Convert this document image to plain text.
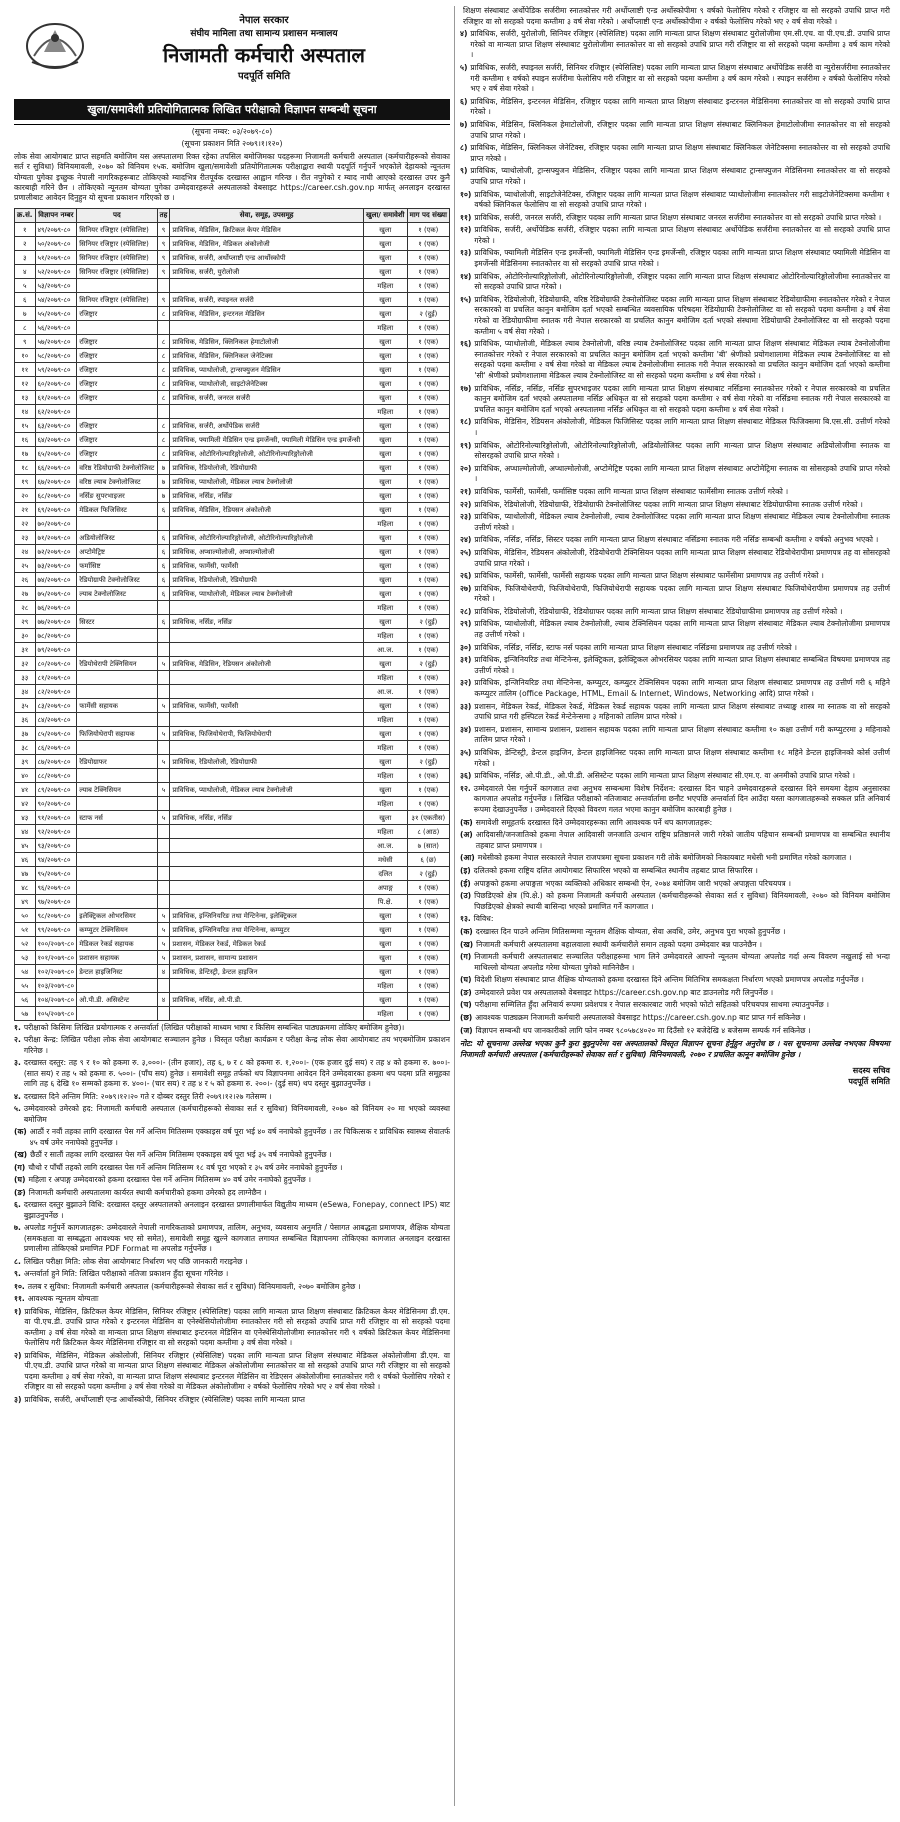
नेपाल सरकार
संघीय मामिला तथा सामान्य प्रशासन मन्त्रालय
निजामती कर्मचारी अस्पताल
पदपूर्ति समिति
खुला/समावेशी प्रतियोगितात्मक लिखित परीक्षाको विज्ञापन सम्बन्धी सूचना
(सूचना नम्बर: ०३/२०७९-८०)
(सूचना प्रकाशन मिति २०७९।१।१२०)
लोक सेवा आयोगबाट प्राप्त सहमति बमोजिम यस अस्पतालमा रिक्त रहेका तपसिल बमोजिमका पदहरूमा निजामती कर्मचारी अस्पताल (कर्मचारीहरूको सेवाका सर्त र सुविधा) विनियमावली, २०७० को विनियम १५क. बमोजिम खुला/समावेशी प्रतियोगितात्मक परीक्षाद्वारा स्थायी पदपूर्ति गर्नुपर्ने भएकोले देहायको न्यूनतम योग्यता पुगेका इच्छुक नेपाली नागरिकहरूबाट तोकिएको म्यादभित्र रीतपूर्वक दरखास्त आह्वान गरिन्छ । रीत नपुगेको र म्याद नाघी आएको दरखास्त उपर कुनै कारबाही गरिने छैन । तोकिएको न्यूनतम योग्यता पुगेका उम्मेदवारहरूले अस्पतालको वेबसाइट https://career.csh.gov.np मार्फत् अनलाइन दरखास्त प्रणालीबाट आवेदन दिनुहुन यो सूचना प्रकाशन गरिएको छ ।
क्र.सं.	विज्ञापन नम्बर	पद	तह	सेवा, समूह, उपसमूह	खुला/ समावेशी	माग पद संख्या
१	४९/२०७९-८०	सिनियर रजिष्ट्रार (स्पेसिलिष्ट)	९	प्राविधिक, मेडिसिन, क्रिटिकल केयर मेडिसिन	खुला	१ (एक)
२	५०/२०७९-८०	सिनियर रजिष्ट्रार (स्पेसिलिष्ट)	९	प्राविधिक, मेडिसिन, मेडिकल अंकोलोजी	खुला	१ (एक)
३	५१/२०७९-८०	सिनियर रजिष्ट्रार (स्पेसिलिष्ट)	९	प्राविधिक, सर्जरी, अर्थोप्लाष्टी एन्ड आर्थोस्कोपी	खुला	१ (एक)
४	५२/२०७९-८०	सिनियर रजिष्ट्रार (स्पेसिलिष्ट)	९	प्राविधिक, सर्जरी, युरोलोजी	खुला	१ (एक)
५	५३/२०७९-८०				महिला	१ (एक)
६	५४/२०७९-८०	सिनियर रजिष्ट्रार (स्पेसिलिष्ट)	९	प्राविधिक, सर्जरी, स्पाइनल सर्जरी	खुला	१ (एक)
७	५५/२०७९-८०	रजिष्ट्रार	८	प्राविधिक, मेडिसिन, इन्टरनल मेडिसिन	खुला	२ (दुई)
८	५६/२०७९-८०				महिला	१ (एक)
९	५७/२०७९-८०	रजिष्ट्रार	८	प्राविधिक, मेडिसिन, क्लिनिकल हेमाटोलोजी	खुला	१ (एक)
१०	५८/२०७९-८०	रजिष्ट्रार	८	प्राविधिक, मेडिसिन, क्लिनिकल जेनेटिक्स	खुला	१ (एक)
११	५९/२०७९-८०	रजिष्ट्रार	८	प्राविधिक, प्याथोलोजी, ट्रान्सफ्युजन मेडिसिन	खुला	१ (एक)
१२	६०/२०७९-८०	रजिष्ट्रार	८	प्राविधिक, प्याथोलोजी, साइटोजेनेटिक्स	खुला	१ (एक)
१३	६१/२०७९-८०	रजिष्ट्रार	८	प्राविधिक, सर्जरी, जनरल सर्जरी	खुला	१ (एक)
१४	६२/२०७९-८०				महिला	१ (एक)
१५	६३/२०७९-८०	रजिष्ट्रार	८	प्राविधिक, सर्जरी, अर्थोपेडिक सर्जरी	खुला	१ (एक)
१६	६४/२०७९-८०	रजिष्ट्रार	८	प्राविधिक, फ्यामिली मेडिसिन एन्ड इमर्जेन्सी, फ्यामिली मेडिसिन एन्ड इमर्जेन्सी	खुला	१ (एक)
१७	६५/२०७९-८०	रजिष्ट्रार	८	प्राविधिक, ओटोरिनोल्यारिङ्गोलोजी, ओटोरिनोल्यारिङ्गोलोजी	खुला	१ (एक)
१८	६६/२०७९-८०	वरिष्ठ रेडियोग्राफी टेक्नोलोजिस्ट	७	प्राविधिक, रेडियोलोजी, रेडियोग्राफी	खुला	१ (एक)
१९	६७/२०७९-८०	वरिष्ठ ल्याब टेक्नोलोजिस्ट	७	प्राविधिक, प्याथोलोजी, मेडिकल ल्याब टेक्नोलोजी	खुला	१ (एक)
२०	६८/२०७९-८०	नर्सिङ सुपरभाइजर	७	प्राविधिक, नर्सिङ, नर्सिङ	खुला	१ (एक)
२१	६९/२०७९-८०	मेडिकल फिजिसिस्ट	६	प्राविधिक, मेडिसिन, रेडियसन अंकोलोजी	खुला	१ (एक)
२२	७०/२०७९-८०				महिला	१ (एक)
२३	७१/२०७९-८०	अडियोलोजिस्ट	६	प्राविधिक, ओटोरिनोल्यारिङ्गोलोजी, ओटोरिनोल्यारिङ्गोलोजी	खुला	१ (एक)
२४	७२/२०७९-८०	अप्टोमेट्रिष्ट	६	प्राविधिक, अप्थाल्मोलोजी, अप्थाल्मोलोजी	खुला	१ (एक)
२५	७३/२०७९-८०	फर्मासिष्ट	६	प्राविधिक, फार्मेसी, फार्मेसी	खुला	१ (एक)
२६	७४/२०७९-८०	रेडियोग्राफी टेक्नोलोजिस्ट	६	प्राविधिक, रेडियोलोजी, रेडियोग्राफी	खुला	१ (एक)
२७	७५/२०७९-८०	ल्याब टेक्नोलोजिस्ट	६	प्राविधिक, प्याथोलोजी, मेडिकल ल्याब टेक्नोलोजी	खुला	१ (एक)
२८	७६/२०७९-८०				महिला	१ (एक)
२९	७७/२०७९-८०	सिस्टर	६	प्राविधिक, नर्सिङ, नर्सिङ	खुला	२ (दुई)
३०	७८/२०७९-८०				महिला	१ (एक)
३१	७९/२०७९-८०				आ.ज.	१ (एक)
३२	८०/२०७९-८०	रेडियोथेरापी टेक्निसियन	५	प्राविधिक, मेडिसिन, रेडियसन अंकोलोजी	खुला	२ (दुई)
३३	८१/२०७९-८०				महिला	१ (एक)
३४	८२/२०७९-८०				आ.ज.	१ (एक)
३५	८३/२०७९-८०	फार्मेसी सहायक	५	प्राविधिक, फार्मेसी, फार्मेसी	खुला	१ (एक)
३६	८४/२०७९-८०				महिला	१ (एक)
३७	८५/२०७९-८०	फिजियोथेरापी सहायक	५	प्राविधिक, फिजियोथेरापी, फिजियोथेरापी	खुला	१ (एक)
३८	८६/२०७९-८०				महिला	१ (एक)
३९	८७/२०७९-८०	रेडियोग्राफर	५	प्राविधिक, रेडियोलोजी, रेडियोग्राफी	खुला	२ (दुई)
४०	८८/२०७९-८०				महिला	१ (एक)
४१	८९/२०७९-८०	ल्याब टेक्निसियन	५	प्राविधिक, प्याथोलोजी, मेडिकल ल्याब टेक्नोलोजी	खुला	१ (एक)
४२	९०/२०७९-८०				महिला	१ (एक)
४३	९१/२०७९-८०	स्टाफ नर्स	५	प्राविधिक, नर्सिङ, नर्सिङ	खुला	३१ (एकतीस)
४४	९२/२०७९-८०				महिला	८ (आठ)
४५	९३/२०७९-८०				आ.ज.	७ (सात)
४६	९४/२०७९-८०				मधेसी	६ (छ)
४७	९५/२०७९-८०				दलित	२ (दुई)
४८	९६/२०७९-८०				अपाङ्ग	१ (एक)
४९	९७/२०७९-८०				पि.क्षे.	१ (एक)
५०	९८/२०७९-८०	इलेक्ट्रिकल ओभरसियर	५	प्राविधिक, इन्जिनियरिङ तथा मेन्टिनेन्स, इलेक्ट्रिकल	खुला	१ (एक)
५१	९९/२०७९-८०	कम्प्युटर टेक्निसियन	५	प्राविधिक, इन्जिनियरिङ तथा मेन्टिनेन्स, कम्प्युटर	खुला	१ (एक)
५२	१००/२०७९-८०	मेडिकल रेकर्ड सहायक	५	प्रशासन, मेडिकल रेकर्ड, मेडिकल रेकर्ड	खुला	१ (एक)
५३	१०१/२०७९-८०	प्रशासन सहायक	५	प्रशासन, प्रशासन, सामान्य प्रशासन	खुला	१ (एक)
५४	१०२/२०७९-८०	डेन्टल हाइजिनिस्ट	४	प्राविधिक, डेन्टिस्ट्री, डेन्टल हाइजिन	खुला	१ (एक)
५५	१०३/२०७९-८०				महिला	१ (एक)
५६	१०४/२०७९-८०	ओ.पी.डी. असिस्टेन्ट	४	प्राविधिक, नर्सिङ, ओ.पी.डी.	खुला	१ (एक)
५७	१०५/२०७९-८०				महिला	१ (एक)
१. परीक्षाको किसिमः लिखित प्रयोगात्मक र अन्तर्वार्ता (लिखित परीक्षाको माध्यम भाषा र किसिम सम्बन्धित पाठ्यक्रममा तोकिए बमोजिम हुनेछ)।
२. परीक्षा केन्द्र: लिखित परीक्षा लोक सेवा आयोगबाट सञ्चालन हुनेछ । विस्तृत परीक्षा कार्यक्रम र परीक्षा केन्द्र लोक सेवा आयोगबाट तय भएबमोजिम प्रकाशन गरिनेछ ।
३. दरखास्त दस्तुर: तह ९ र १० को हकमा रु. ३,०००।- (तीन हजार), तह ६, ७ र ८ को हकमा रु. १,२००।- (एक हजार दुई सय) र तह ४ को हकमा रु. ७००।- (सात सय) र तह ५ को हकमा रु. ५००।- (पाँच सय) हुनेछ । समावेशी समूह तर्फको थप विज्ञापनमा आवेदन दिने उम्मेदवारका हकमा थप पदमा प्रति समूहका लागि तह ६ देखि १० सम्मको हकमा रु. ४००।- (चार सय) र तह ४ र ५ को हकमा रु. २००।- (दुई सय) थप दस्तुर बुझाउनुपर्नेछ ।
४. दरखास्त दिने अन्तिम मिति: २०७९।१२।२० गते र दोब्बर दस्तुर तिरी २०७९।१२।२७ गतेसम्म ।
५. उम्मेदवारको उमेरको हद: निजामती कर्मचारी अस्पताल (कर्मचारीहरूको सेवाका सर्त र सुविधा) विनियमावली, २०७० को विनियम २० मा भएको व्यवस्था बमोजिम
(क) आठौं र नवौं तहका लागि दरखास्त पेस गर्ने अन्तिम मितिसम्म एक्काइस वर्ष पूरा भई ४० वर्ष ननाघेको हुनुपर्नेछ । तर चिकित्सक र प्राविधिक स्वास्थ्य सेवातर्फ ४५ वर्ष उमेर ननाघेको हुनुपर्नेछ ।
(ख) छैठौं र सातौं तहका लागि दरखास्त पेस गर्ने अन्तिम मितिसम्म एक्काइस वर्ष पूरा भई ३५ वर्ष ननाघेको हुनुपर्नेछ ।
(ग) चौथो र पाँचौं तहको लागि दरखास्त पेस गर्ने अन्तिम मितिसम्म १८ वर्ष पूरा भएको र ३५ वर्ष उमेर ननाघेको हुनुपर्नेछ ।
(घ) महिला र अपाङ्ग उम्मेदवारको हकमा दरखास्त पेस गर्ने अन्तिम मितिसम्म ४० वर्ष उमेर ननाघेको हुनुपर्नेछ ।
(ङ) निजामती कर्मचारी अस्पतालमा कार्यरत स्थायी कर्मचारीको हकमा उमेरको हद लाग्नेछैन ।
६. दरखास्त दस्तुर बुझाउने विधि: दरखास्त दस्तुर अस्पतालको अनलाइन दरखास्त प्रणालीमार्फत विद्युतीय माध्यम (eSewa, Fonepay, connect IPS) बाट बुझाउनुपर्नेछ ।
७. अपलोड गर्नुपर्ने कागजातहरू: उम्मेदवारले नेपाली नागरिकताको प्रमाणपत्र, तालिम, अनुभव, व्यवसाय अनुमति / पेसागत आबद्धता प्रमाणपत्र, शैक्षिक योग्यता (समकक्षता वा सम्बद्धता आवश्यक भए सो समेत), समावेशी समूह खुल्ने कागजात लगायत सम्बन्धित विज्ञापनमा तोकिएका कागजात अनलाइन दरखास्त प्रणालीमा तोकिएको प्रमाणित PDF Format मा अपलोड गर्नुपर्नेछ ।
८. लिखित परीक्षा मिति: लोक सेवा आयोगबाट निर्धारण भए पछि जानकारी गराइनेछ ।
९. अन्तर्वार्ता हुने मिति: लिखित परीक्षाको नतिजा प्रकाशन हुँदा सूचना गरिनेछ ।
१०. तलब र सुविधा: निजामती कर्मचारी अस्पताल (कर्मचारीहरूको सेवाका सर्त र सुविधा) विनियमावली, २०७० बमोजिम हुनेछ ।
११. आवश्यक न्यूनतम योग्यताः
१) प्राविधिक, मेडिसिन, क्रिटिकल केयर मेडिसिन, सिनियर रजिष्ट्रार (स्पेसिलिष्ट) पदका लागि मान्यता प्राप्त शिक्षण संस्थाबाट क्रिटिकल केयर मेडिसिनमा डी.एम. वा पी.एच.डी. उपाधि प्राप्त गरेको र इन्टरनल मेडिसिन वा एनेस्थेसियोलोजीमा स्नातकोत्तर गरी सो सरहको उपाधि प्राप्त गरी रजिष्ट्रार वा सो सरहको पदमा कम्तीमा ३ वर्ष सेवा गरेको वा मान्यता प्राप्त शिक्षण संस्थाबाट इन्टरनल मेडिसिन वा एनेस्थेसियोलोजीमा स्नातकोत्तर गरी ९ वर्षको क्रिटिकल केयर मेडिसिनमा फेलोसिप गरी क्रिटिकल केयर मेडिसिनमा रजिष्ट्रार वा सो सरहको पदमा कम्तीमा ३ वर्ष सेवा गरेको ।
२) प्राविधिक, मेडिसिन, मेडिकल अंकोलोजी, सिनियर रजिष्ट्रार (स्पेसिलिष्ट) पदका लागि मान्यता प्राप्त शिक्षण संस्थाबाट मेडिकल अंकोलोजीमा डी.एम. वा पी.एच.डी. उपाधि प्राप्त गरेको वा मान्यता प्राप्त शिक्षण संस्थाबाट मेडिकल अंकोलोजीमा स्नातकोत्तर वा सो सरहको उपाधि प्राप्त गरी रजिष्ट्रार वा सो सरहको पदमा कम्तीमा ३ वर्ष सेवा गरेको, वा मान्यता प्राप्त शिक्षण संस्थाबाट इन्टरनल मेडिसिन वा रेडिएसन अंकोलोजीमा स्नातकोत्तर गरी १ वर्षको फेलोसिप गरेको र रजिष्ट्रार वा सो सरहको पदमा कम्तीमा ३ वर्ष सेवा गरेको वा मेडिकल अंकोलोजीमा २ वर्षको फेलोसिप गरेको भए २ वर्ष सेवा गरेको ।
३) प्राविधिक, सर्जरी, अर्थोप्लाष्टी एन्ड आर्थोस्कोपी, सिनियर रजिष्ट्रार (स्पेसिलिष्ट) पदका लागि मान्यता प्राप्त
शिक्षण संस्थाबाट अर्थोपेडिक सर्जरीमा स्नातकोत्तर गरी अर्थोप्लाष्टी एन्ड अर्थोस्कोपीमा ९ वर्षको फेलोसिप गरेको र रजिष्ट्रार वा सो सरहको उपाधि प्राप्त गरी रजिष्ट्रार वा सो सरहको पदमा कम्तीमा ३ वर्ष सेवा गरेको । अर्थोप्लाष्टी एन्ड अर्थोस्कोपीमा २ वर्षको फेलोसिप गरेको भए २ वर्ष सेवा गरेको ।
४) प्राविधिक, सर्जरी, युरोलोजी, सिनियर रजिष्ट्रार (स्पेसिलिष्ट) पदका लागि मान्यता प्राप्त शिक्षण संस्थाबाट युरोलोजीमा एम.सी.एच. वा पी.एच.डी. उपाधि प्राप्त गरेको वा मान्यता प्राप्त शिक्षण संस्थाबाट युरोलोजीमा स्नातकोत्तर वा सो सरहको उपाधि प्राप्त गरी रजिष्ट्रार वा सो सरहको पदमा कम्तीमा ३ वर्ष काम गरेको ।
५) प्राविधिक, सर्जरी, स्पाइनल सर्जरी, सिनियर रजिष्ट्रार (स्पेसिलिष्ट) पदका लागि मान्यता प्राप्त शिक्षण संस्थाबाट अर्थोपेडिक सर्जरी वा न्युरोसर्जरीमा स्नातकोत्तर गरी कम्तीमा १ वर्षको स्पाइन सर्जरीमा फेलोसिप गरी रजिष्ट्रार वा सो सरहको पदमा कम्तीमा ३ वर्ष काम गरेको । स्पाइन सर्जरीमा २ वर्षको फेलोसिप गरेको भए २ वर्ष सेवा गरेको ।
६) प्राविधिक, मेडिसिन, इन्टरनल मेडिसिन, रजिष्ट्रार पदका लागि मान्यता प्राप्त शिक्षण संस्थाबाट इन्टरनल मेडिसिनमा स्नातकोत्तर वा सो सरहको उपाधि प्राप्त गरेको ।
७) प्राविधिक, मेडिसिन, क्लिनिकल हेमाटोलोजी, रजिष्ट्रार पदका लागि मान्यता प्राप्त शिक्षण संस्थाबाट क्लिनिकल हेमाटोलोजीमा स्नातकोत्तर वा सो सरहको उपाधि प्राप्त गरेको ।
८) प्राविधिक, मेडिसिन, क्लिनिकल जेनेटिक्स, रजिष्ट्रार पदका लागि मान्यता प्राप्त शिक्षण संस्थाबाट क्लिनिकल जेनेटिक्समा स्नातकोत्तर वा सो सरहको उपाधि प्राप्त गरेको ।
९) प्राविधिक, प्याथोलोजी, ट्रान्सफ्युजन मेडिसिन, रजिष्ट्रार पदका लागि मान्यता प्राप्त शिक्षण संस्थाबाट ट्रान्सफ्युजन मेडिसिनमा स्नातकोत्तर वा सो सरहको उपाधि प्राप्त गरेको ।
१०) प्राविधिक, प्याथोलोजी, साइटोजेनेटिक्स, रजिष्ट्रार पदका लागि मान्यता प्राप्त शिक्षण संस्थाबाट प्याथोलोजीमा स्नातकोत्तर गरी साइटोजेनेटिक्समा कम्तीमा १ वर्षको क्लिनिकल फेलोसिप वा सो सरहको उपाधि प्राप्त गरेको ।
११) प्राविधिक, सर्जरी, जनरल सर्जरी, रजिष्ट्रार पदका लागि मान्यता प्राप्त शिक्षण संस्थाबाट जनरल सर्जरीमा स्नातकोत्तर वा सो सरहको उपाधि प्राप्त गरेको ।
१२) प्राविधिक, सर्जरी, अर्थोपेडिक सर्जरी, रजिष्ट्रार पदका लागि मान्यता प्राप्त शिक्षण संस्थाबाट अर्थोपेडिक सर्जरीमा स्नातकोत्तर वा सो सरहको उपाधि प्राप्त गरेको ।
१३) प्राविधिक, फ्यामिली मेडिसिन एन्ड इमर्जेन्सी, फ्यामिली मेडिसिन एन्ड इमर्जेन्सी, रजिष्ट्रार पदका लागि मान्यता प्राप्त शिक्षण संस्थाबाट फ्यामिली मेडिसिन वा इमर्जेन्सी मेडिसिनमा स्नातकोत्तर वा सो सरहको उपाधि प्राप्त गरेको ।
१४) प्राविधिक, ओटोरिनोल्यारिङ्गोलोजी, ओटोरिनोल्यारिङ्गोलोजी, रजिष्ट्रार पदका लागि मान्यता प्राप्त शिक्षण संस्थाबाट ओटोरिनोल्यारिङ्गोलोजीमा स्नातकोत्तर वा सो सरहको उपाधि प्राप्त गरेको ।
१५) प्राविधिक, रेडियोलोजी, रेडियोग्राफी, वरिष्ठ रेडियोग्राफी टेक्नोलोजिस्ट पदका लागि मान्यता प्राप्त शिक्षण संस्थाबाट रेडियोग्राफीमा स्नातकोत्तर गरेको र नेपाल सरकारको वा प्रचलित कानुन बमोजिम दर्ता भएको सम्बन्धित व्यवसायिक परिषदमा रेडियोग्राफी टेक्नोलोजिस्ट वा सो सरहको पदमा कम्तीमा ३ वर्ष सेवा गरेको वा रेडियोग्राफीमा स्नातक गरी नेपाल सरकारको वा प्रचलित कानुन बमोजिम दर्ता भएको संस्थामा रेडियोग्राफी टेक्नोलोजिस्ट वा सो सरहको पदमा कम्तीमा ५ वर्ष सेवा गरेको ।
१६) प्राविधिक, प्याथोलोजी, मेडिकल ल्याब टेक्नोलोजी, वरिष्ठ ल्याब टेक्नोलोजिस्ट पदका लागि मान्यता प्राप्त शिक्षण संस्थाबाट मेडिकल ल्याब टेक्नोलोजीमा स्नातकोत्तर गरेको र नेपाल सरकारको वा प्रचलित कानुन बमोजिम दर्ता भएको कम्तीमा 'बी' श्रेणीको प्रयोगशालामा मेडिकल ल्याब टेक्नोलोजिस्ट वा सो सरहको पदमा कम्तीमा २ वर्ष सेवा गरेको वा मेडिकल ल्याब टेक्नोलोजीमा स्नातक गरी नेपाल सरकारको वा प्रचलित कानुन बमोजिम दर्ता भएको कम्तीमा 'सी' श्रेणीको प्रयोगशालामा मेडिकल ल्याब टेक्नोलोजिस्ट वा सो सरहको पदमा कम्तीमा ४ वर्ष सेवा गरेको ।
१७) प्राविधिक, नर्सिङ, नर्सिङ, नर्सिङ सुपरभाइजर पदका लागि मान्यता प्राप्त शिक्षण संस्थाबाट नर्सिङमा स्नातकोत्तर गरेको र नेपाल सरकारको वा प्रचलित कानुन बमोजिम दर्ता भएको अस्पतालमा नर्सिङ अधिकृत वा सो सरहको पदमा कम्तीमा २ वर्ष सेवा गरेको वा नर्सिङमा स्नातक गरी नेपाल सरकारको वा प्रचलित कानुन बमोजिम दर्ता भएको अस्पतालमा नर्सिङ अधिकृत वा सो सरहको पदमा कम्तीमा ४ वर्ष सेवा गरेको ।
१८) प्राविधिक, मेडिसिन, रेडियसन अंकोलोजी, मेडिकल फिजिसिस्ट पदका लागि मान्यता प्राप्त शिक्षण संस्थाबाट मेडिकल फिजिक्समा बि.एस.सी. उत्तीर्ण गरेको ।
१९) प्राविधिक, ओटोरिनोल्यारिङ्गोलोजी, ओटोरिनोल्यारिङ्गोलोजी, अडियोलोजिस्ट पदका लागि मान्यता प्राप्त शिक्षण संस्थाबाट अडियोलोजीमा स्नातक वा सोसरहको उपाधि प्राप्त गरेको ।
२०) प्राविधिक, अप्थाल्मोलोजी, अप्थाल्मोलोजी, अप्टोमेट्रिष्ट पदका लागि मान्यता प्राप्त शिक्षण संस्थाबाट अप्टोमेट्रिमा स्नातक वा सोसरहको उपाधि प्राप्त गरेको ।
२१) प्राविधिक, फार्मेसी, फार्मेसी, फर्मासिष्ट पदका लागि मान्यता प्राप्त शिक्षण संस्थाबाट फार्मेसीमा स्नातक उत्तीर्ण गरेको ।
२२) प्राविधिक, रेडियोलोजी, रेडियोग्राफी, रेडियोग्राफी टेक्नोलोजिस्ट पदका लागि मान्यता प्राप्त शिक्षण संस्थाबाट रेडियोग्राफीमा स्नातक उत्तीर्ण गरेको ।
२३) प्राविधिक, प्याथोलोजी, मेडिकल ल्याब टेक्नोलोजी, ल्याब टेक्नोलोजिस्ट पदका लागि मान्यता प्राप्त शिक्षण संस्थाबाट मेडिकल ल्याब टेक्नोलोजीमा स्नातक उत्तीर्ण गरेको ।
२४) प्राविधिक, नर्सिङ, नर्सिङ, सिस्टर पदका लागि मान्यता प्राप्त शिक्षण संस्थाबाट नर्सिङमा स्नातक गरी नर्सिङ सम्बन्धी कम्तीमा २ वर्षको अनुभव भएको ।
२५) प्राविधिक, मेडिसिन, रेडियसन अंकोलोजी, रेडियोथेरापी टेक्निसियन पदका लागि मान्यता प्राप्त शिक्षण संस्थाबाट रेडियोथेरापीमा प्रमाणपत्र तह वा सोसरहको उपाधि प्राप्त गरेको ।
२६) प्राविधिक, फार्मेसी, फार्मेसी, फार्मेसी सहायक पदका लागि मान्यता प्राप्त शिक्षण संस्थाबाट फार्मेसीमा प्रमाणपत्र तह उत्तीर्ण गरेको ।
२७) प्राविधिक, फिजियोथेरापी, फिजियोथेरापी, फिजियोथेरापी सहायक पदका लागि मान्यता प्राप्त शिक्षण संस्थाबाट फिजियोथेरापीमा प्रमाणपत्र तह उत्तीर्ण गरेको ।
२८) प्राविधिक, रेडियोलोजी, रेडियोग्राफी, रेडियोग्राफर पदका लागि मान्यता प्राप्त शिक्षण संस्थाबाट रेडियोग्राफीमा प्रमाणपत्र तह उत्तीर्ण गरेको ।
२९) प्राविधिक, प्याथोलोजी, मेडिकल ल्याब टेक्नोलोजी, ल्याब टेक्निसियन पदका लागि मान्यता प्राप्त शिक्षण संस्थाबाट मेडिकल ल्याब टेक्नोलोजीमा प्रमाणपत्र तह उत्तीर्ण गरेको ।
३०) प्राविधिक, नर्सिङ, नर्सिङ, स्टाफ नर्स पदका लागि मान्यता प्राप्त शिक्षण संस्थाबाट नर्सिङमा प्रमाणपत्र तह उत्तीर्ण गरेको ।
३१) प्राविधिक, इन्जिनियरिङ तथा मेन्टिनेन्स, इलेक्ट्रिकल, इलेक्ट्रिकल ओभरसियर पदका लागि मान्यता प्राप्त शिक्षण संस्थाबाट सम्बन्धित विषयमा प्रमाणपत्र तह उत्तीर्ण गरेको ।
३२) प्राविधिक, इन्जिनियरिङ तथा मेन्टिनेन्स, कम्प्युटर, कम्प्युटर टेक्निसियन पदका लागि मान्यता प्राप्त शिक्षण संस्थाबाट प्रमाणपत्र तह उत्तीर्ण गरी ६ महिने कम्प्युटर तालिम (office Package, HTML, Email & Internet, Windows, Networking आदि) प्राप्त गरेको ।
३३) प्रशासन, मेडिकल रेकर्ड, मेडिकल रेकर्ड, मेडिकल रेकर्ड सहायक पदका लागि मान्यता प्राप्त शिक्षण संस्थाबाट तथ्याङ्क शास्त्र मा स्नातक वा सो सरहको उपाधि प्राप्त गरी हस्पिटल रेकर्ड मेन्टेनेन्समा ३ महिनाको तालिम प्राप्त गरेको ।
३४) प्रशासन, प्रशासन, सामान्य प्रशासन, प्रशासन सहायक पदका लागि मान्यता प्राप्त शिक्षण संस्थाबाट कम्तीमा १० कक्षा उत्तीर्ण गरी कम्प्युटरमा ३ महिनाको तालिम प्राप्त गरेको ।
३५) प्राविधिक, डेन्टिस्ट्री, डेन्टल हाइजिन, डेन्टल हाइजिनिस्ट पदका लागि मान्यता प्राप्त शिक्षण संस्थाबाट कम्तीमा १८ महिने डेन्टल हाइजिनको कोर्स उत्तीर्ण गरेको ।
३६) प्राविधिक, नर्सिङ, ओ.पी.डी., ओ.पी.डी. असिस्टेन्ट पदका लागि मान्यता प्राप्त शिक्षण संस्थाबाट सी.एम.ए. वा अनमीको उपाधि प्राप्त गरेको ।
१२. उम्मेदवारले पेस गर्नुपर्ने कागजात तथा अनुभव सम्बन्धमा विशेष निर्देशन: दरखास्त दिन चाहने उम्मेदवारहरूले दरखास्त दिने समयमा देहाय अनुसारका कागजात अपलोड गर्नुपर्नेछ । लिखित परीक्षाको नतिजाबाट अन्तर्वार्तामा छनौट भएपछि अन्तर्वार्ता दिन आउँदा यस्ता कागजातहरूको सक्कल प्रति अनिवार्य रूपमा देखाउनुपर्नेछ । उम्मेदवारले दिएको विवरण गलत भएमा कानुन बमोजिम कारबाही हुनेछ ।
(क) समावेशी समूहतर्फ दरखास्त दिने उम्मेदवारहरूका लागि आवश्यक पर्ने थप कागजातहरू:
(अ) आदिवासी/जनजातिको हकमा नेपाल आदिवासी जनजाति उत्थान राष्ट्रिय प्रतिष्ठानले जारी गरेको जातीय पहिचान सम्बन्धी प्रमाणपत्र वा सम्बन्धित स्थानीय तहबाट प्राप्त प्रमाणपत्र ।
(आ) मधेसीको हकमा नेपाल सरकारले नेपाल राजपत्रमा सूचना प्रकाशन गरी तोके बमोजिमको निकायबाट मधेसी भनी प्रमाणित गरेको कागजात ।
(इ) दलितको हकमा राष्ट्रिय दलित आयोगबाट सिफारिस भएको वा सम्बन्धित स्थानीय तहबाट प्राप्त सिफारिस ।
(ई) अपाङ्गको हकमा अपाङ्गता भएका व्यक्तिको अधिकार सम्बन्धी ऐन, २०७४ बमोजिम जारी भएको अपाङ्गता परिचयपत्र ।
(उ) पिछडिएको क्षेत्र (पि.क्षे.) को हकमा निजामती कर्मचारी अस्पताल (कर्मचारीहरूको सेवाका सर्त र सुविधा) विनियमावली, २०७० को विनियम बमोजिम पिछडिएको क्षेत्रको स्थायी बासिन्दा भएको प्रमाणित गर्ने कागजात ।
१३. विविध:
(क) दरखास्त दिन पाउने अन्तिम मितिसम्ममा न्यूनतम शैक्षिक योग्यता, सेवा अवधि, उमेर, अनुभव पुरा भएको हुनुपर्नेछ ।
(ख) निजामती कर्मचारी अस्पतालमा बहालवाला स्थायी कर्मचारीले समान तहको पदमा उम्मेदवार बन्न पाउनेछैन ।
(ग) निजामती कर्मचारी अस्पतालबाट सञ्चालित परीक्षाहरूमा भाग लिने उम्मेदवारले आफ्नो न्यूनतम योग्यता अपलोड गर्दा अन्य विवरण नखुलाई सो भन्दा माथिल्लो योग्यता अपलोड गरेमा योग्यता पुगेको मानिनेछैन ।
(घ) विदेशी शिक्षण संस्थाबाट प्राप्त शैक्षिक योग्यताको हकमा दरखास्त दिने अन्तिम मितिभित्र समकक्षता निर्धारण भएको प्रमाणपत्र अपलोड गर्नुपर्नेछ ।
(ङ) उम्मेदवारले प्रवेश पत्र अस्पतालको वेबसाइट https://career.csh.gov.np बाट डाउनलोड गरी लिनुपर्नेछ ।
(च) परीक्षामा सम्मिलित हुँदा अनिवार्य रूपमा प्रवेशपत्र र नेपाल सरकारबाट जारी भएको फोटो सहितको परिचयपत्र साथमा ल्याउनुपर्नेछ ।
(छ) आवश्यक पाठ्यक्रम निजामती कर्मचारी अस्पतालको वेबसाइट https://career.csh.gov.np बाट प्राप्त गर्न सकिनेछ ।
(ज) विज्ञापन सम्बन्धी थप जानकारीको लागि फोन नम्बर ९८०५७८४०२० मा दिउँसो १२ बजेदेखि ४ बजेसम्म सम्पर्क गर्न सकिनेछ ।
नोट: यो सूचनामा उल्लेख भएका कुनै कुरा बुझ्नुपरेमा यस अस्पतालको विस्तृत विज्ञापन सूचना हेर्नुहुन अनुरोध छ । यस सूचनामा उल्लेख नभएका विषयमा निजामती कर्मचारी अस्पताल (कर्मचारीहरूको सेवाका सर्त र सुविधा) विनियमावली, २०७० र प्रचलित कानून बमोजिम हुनेछ ।
सदस्य सचिव
पदपूर्ति समिति
